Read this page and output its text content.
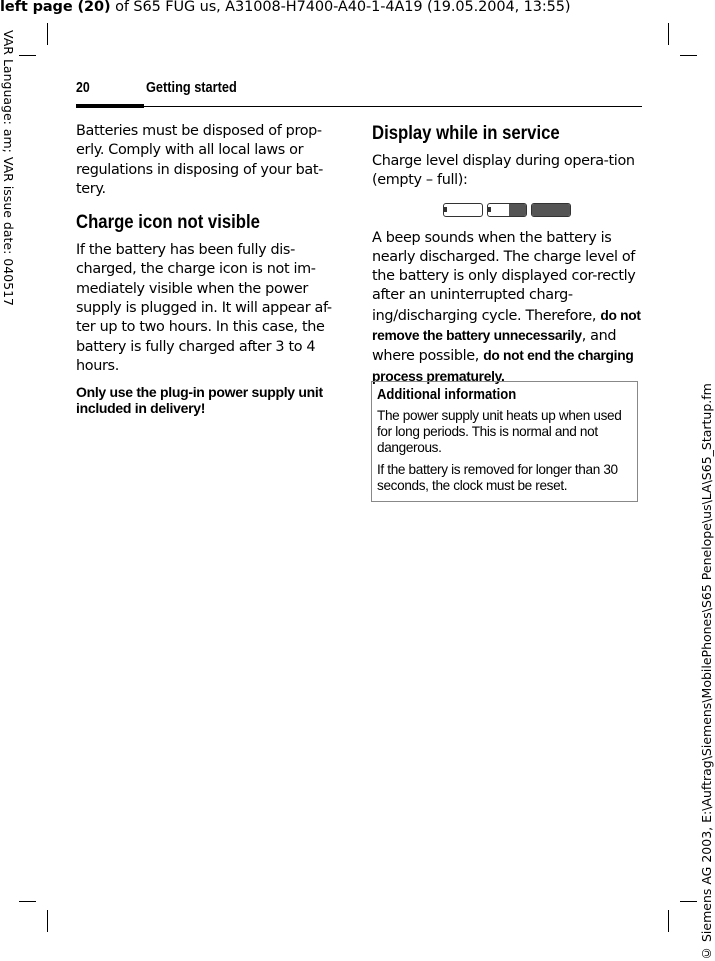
left page (20) of S65 FUG us, A31008-H7400-A40-1-4A19 (19.05.2004, 13:55)
VAR Language: am; VAR issue date: 040517
© Siemens AG 2003, E:\Auftrag\Siemens\MobilePhones\S65 Penelope\us\LA\S65_Startup.fm
20	Getting started

Batteries must be disposed of prop-erly. Comply with all local laws or regulations in disposing of your bat-tery.

Charge icon not visible

If the battery has been fully dis-charged, the charge icon is not im-mediately visible when the power supply is plugged in. It will appear af-ter up to two hours. In this case, the battery is fully charged after 3 to 4 hours.

Only use the plug-in power supply unit included in delivery!
Display while in service

Charge level display during opera-tion (empty – full):

A beep sounds when the battery is nearly discharged. The charge level of the battery is only displayed cor-rectly after an uninterrupted charg-ing/discharging cycle. Therefore, do not remove the battery unnecessarily, and where possible, do not end the charging process prematurely.

Additional information

The power supply unit heats up when used for long periods. This is normal and not dangerous.

If the battery is removed for longer than 30 seconds, the clock must be reset.
